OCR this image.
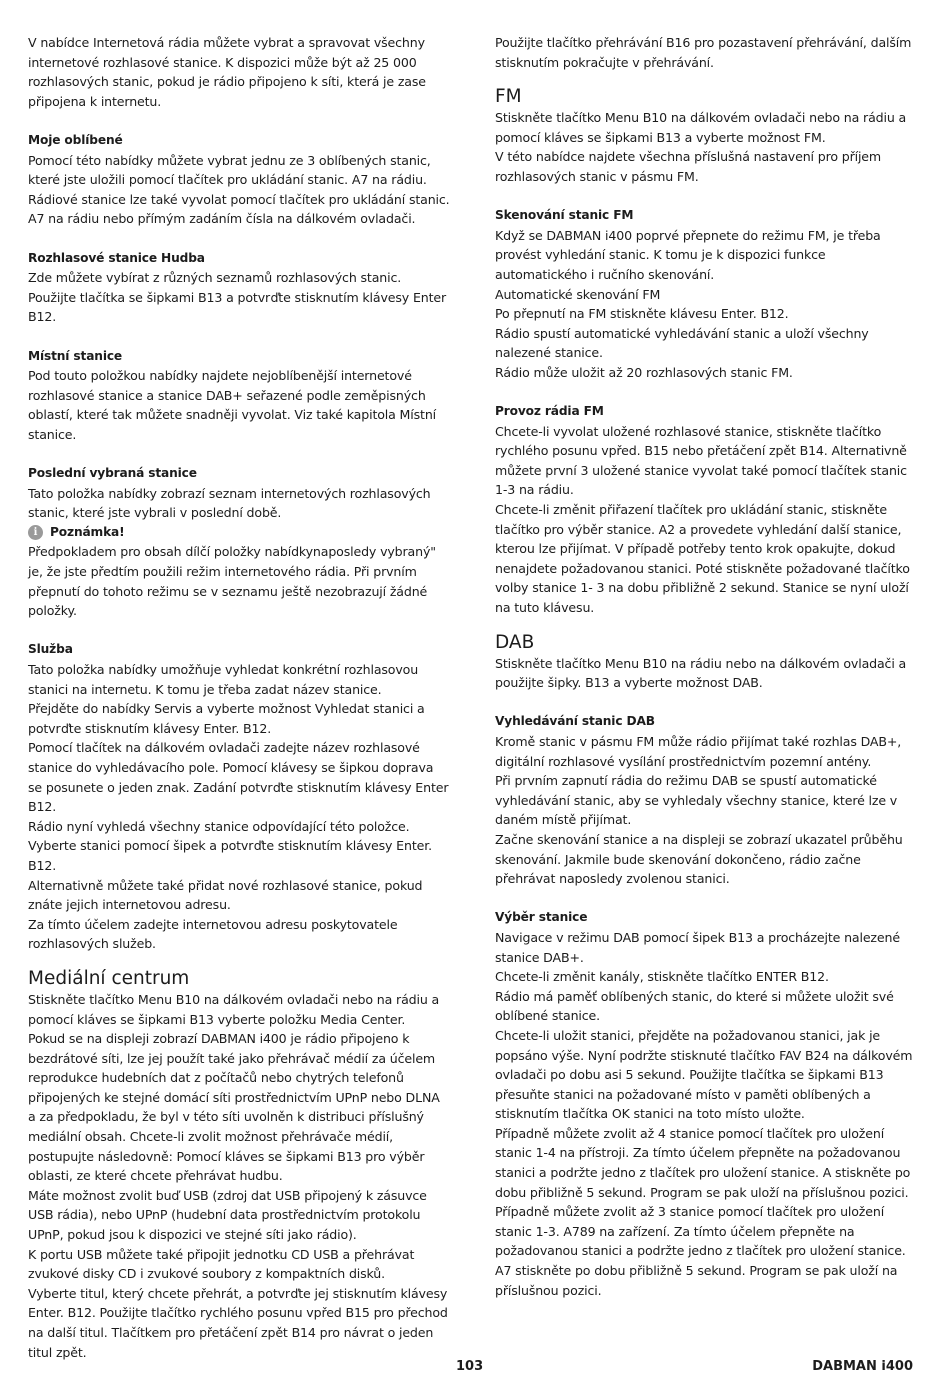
V nabídce Internetová rádia můžete vybrat a spravovat všechny internetové rozhlasové stanice. K dispozici může být až 25 000 rozhlasových stanic, pokud je rádio připojeno k síti, která je zase připojena k internetu.

Moje oblíbené

Pomocí této nabídky můžete vybrat jednu ze 3 oblíbených stanic, které jste uložili pomocí tlačítek pro ukládání stanic. A7 na rádiu.

Rádiové stanice lze také vyvolat pomocí tlačítek pro ukládání stanic. A7 na rádiu nebo přímým zadáním čísla na dálkovém ovladači.

Rozhlasové stanice Hudba

Zde můžete vybírat z různých seznamů rozhlasových stanic. Použijte tlačítka se šipkami B13 a potvrďte stisknutím klávesy Enter B12.

Místní stanice

Pod touto položkou nabídky najdete nejoblíbenější internetové rozhlasové stanice a stanice DAB+ seřazené podle zeměpisných oblastí, které tak můžete snadněji vyvolat. Viz také kapitola Místní stanice.

Poslední vybraná stanice

Tato položka nabídky zobrazí seznam internetových rozhlasových stanic, které jste vybrali v poslední době.

i	Poznámka!

Předpokladem pro obsah dílčí položky nabídkynaposledy vybraný" je, že jste předtím použili režim internetového rádia. Při prvním přepnutí do tohoto režimu se v seznamu ještě nezobrazují žádné položky.

Služba

Tato položka nabídky umožňuje vyhledat konkrétní rozhlasovou stanici na internetu. K tomu je třeba zadat název stanice.

Přejděte do nabídky Servis a vyberte možnost Vyhledat stanici a potvrďte stisknutím klávesy Enter. B12.

Pomocí tlačítek na dálkovém ovladači zadejte název rozhlasové stanice do vyhledávacího pole. Pomocí klávesy se šipkou doprava se posunete o jeden znak. Zadání potvrďte stisknutím klávesy Enter B12.

Rádio nyní vyhledá všechny stanice odpovídající této položce. Vyberte stanici pomocí šipek a potvrďte stisknutím klávesy Enter. B12.

Alternativně můžete také přidat nové rozhlasové stanice, pokud znáte jejich internetovou adresu.

Za tímto účelem zadejte internetovou adresu poskytovatele rozhlasových služeb.

Mediální centrum

Stiskněte tlačítko Menu B10 na dálkovém ovladači nebo na rádiu a pomocí kláves se šipkami B13 vyberte položku Media Center.

Pokud se na displeji zobrazí DABMAN i400 je rádio připojeno k bezdrátové síti, lze jej použít také jako přehrávač médií za účelem reprodukce hudebních dat z počítačů nebo chytrých telefonů připojených ke stejné domácí síti prostřednictvím UPnP nebo DLNA a za předpokladu, že byl v této síti uvolněn k distribuci příslušný mediální obsah. Chcete-li zvolit možnost přehrávače médií, postupujte následovně: Pomocí kláves se šipkami B13 pro výběr oblasti, ze které chcete přehrávat hudbu.

Máte možnost zvolit buď USB (zdroj dat USB připojený k zásuvce USB rádia), nebo UPnP (hudební data prostřednictvím protokolu UPnP, pokud jsou k dispozici ve stejné síti jako rádio).

K portu USB můžete také připojit jednotku CD USB a přehrávat zvukové disky CD i zvukové soubory z kompaktních disků.

Vyberte titul, který chcete přehrát, a potvrďte jej stisknutím klávesy Enter. B12. Použijte tlačítko rychlého posunu vpřed B15 pro přechod na další titul. Tlačítkem pro přetáčení zpět B14 pro návrat o jeden titul zpět.

Použijte tlačítko přehrávání B16 pro pozastavení přehrávání, dalším stisknutím pokračujte v přehrávání.

FM

Stiskněte tlačítko Menu B10 na dálkovém ovladači nebo na rádiu a pomocí kláves se šipkami B13 a vyberte možnost FM.

V této nabídce najdete všechna příslušná nastavení pro příjem rozhlasových stanic v pásmu FM.

Skenování stanic FM

Když se DABMAN i400 poprvé přepnete do režimu FM, je třeba provést vyhledání stanic. K tomu je k dispozici funkce automatického i ručního skenování.

Automatické skenování FM

Po přepnutí na FM stiskněte klávesu Enter. B12.

Rádio spustí automatické vyhledávání stanic a uloží všechny nalezené stanice.

Rádio může uložit až 20 rozhlasových stanic FM.

Provoz rádia FM

Chcete-li vyvolat uložené rozhlasové stanice, stiskněte tlačítko rychlého posunu vpřed. B15 nebo přetáčení zpět B14. Alternativně můžete první 3 uložené stanice vyvolat také pomocí tlačítek stanic 1-3 na rádiu.

Chcete-li změnit přiřazení tlačítek pro ukládání stanic, stiskněte tlačítko pro výběr stanice. A2 a provedete vyhledání další stanice, kterou lze přijímat. V případě potřeby tento krok opakujte, dokud nenajdete požadovanou stanici. Poté stiskněte požadované tlačítko volby stanice 1- 3 na dobu přibližně 2 sekund. Stanice se nyní uloží na tuto klávesu.

DAB

Stiskněte tlačítko Menu B10 na rádiu nebo na dálkovém ovladači a použijte šipky. B13 a vyberte možnost DAB.

Vyhledávání stanic DAB

Kromě stanic v pásmu FM může rádio přijímat také rozhlas DAB+, digitální rozhlasové vysílání prostřednictvím pozemní antény.

Při prvním zapnutí rádia do režimu DAB se spustí automatické vyhledávání stanic, aby se vyhledaly všechny stanice, které lze v daném místě přijímat.

Začne skenování stanice a na displeji se zobrazí ukazatel průběhu skenování. Jakmile bude skenování dokončeno, rádio začne přehrávat naposledy zvolenou stanici.

Výběr stanice

Navigace v režimu DAB pomocí šipek B13 a procházejte nalezené stanice DAB+.

Chcete-li změnit kanály, stiskněte tlačítko ENTER B12.

Rádio má paměť oblíbených stanic, do které si můžete uložit své oblíbené stanice.

Chcete-li uložit stanici, přejděte na požadovanou stanici, jak je popsáno výše. Nyní podržte stisknuté tlačítko FAV B24 na dálkovém ovladači po dobu asi 5 sekund. Použijte tlačítka se šipkami B13 přesuňte stanici na požadované místo v paměti oblíbených a stisknutím tlačítka OK stanici na toto místo uložte.

Případně můžete zvolit až 4 stanice pomocí tlačítek pro uložení stanic 1-4 na přístroji. Za tímto účelem přepněte na požadovanou stanici a podržte jedno z tlačítek pro uložení stanice. A stiskněte po dobu přibližně 5 sekund. Program se pak uloží na příslušnou pozici.

Případně můžete zvolit až 3 stanice pomocí tlačítek pro uložení stanic 1-3. A789 na zařízení. Za tímto účelem přepněte na požadovanou stanici a podržte jedno z tlačítek pro uložení stanice. A7 stiskněte po dobu přibližně 5 sekund. Program se pak uloží na příslušnou pozici.

103	DABMAN i400
